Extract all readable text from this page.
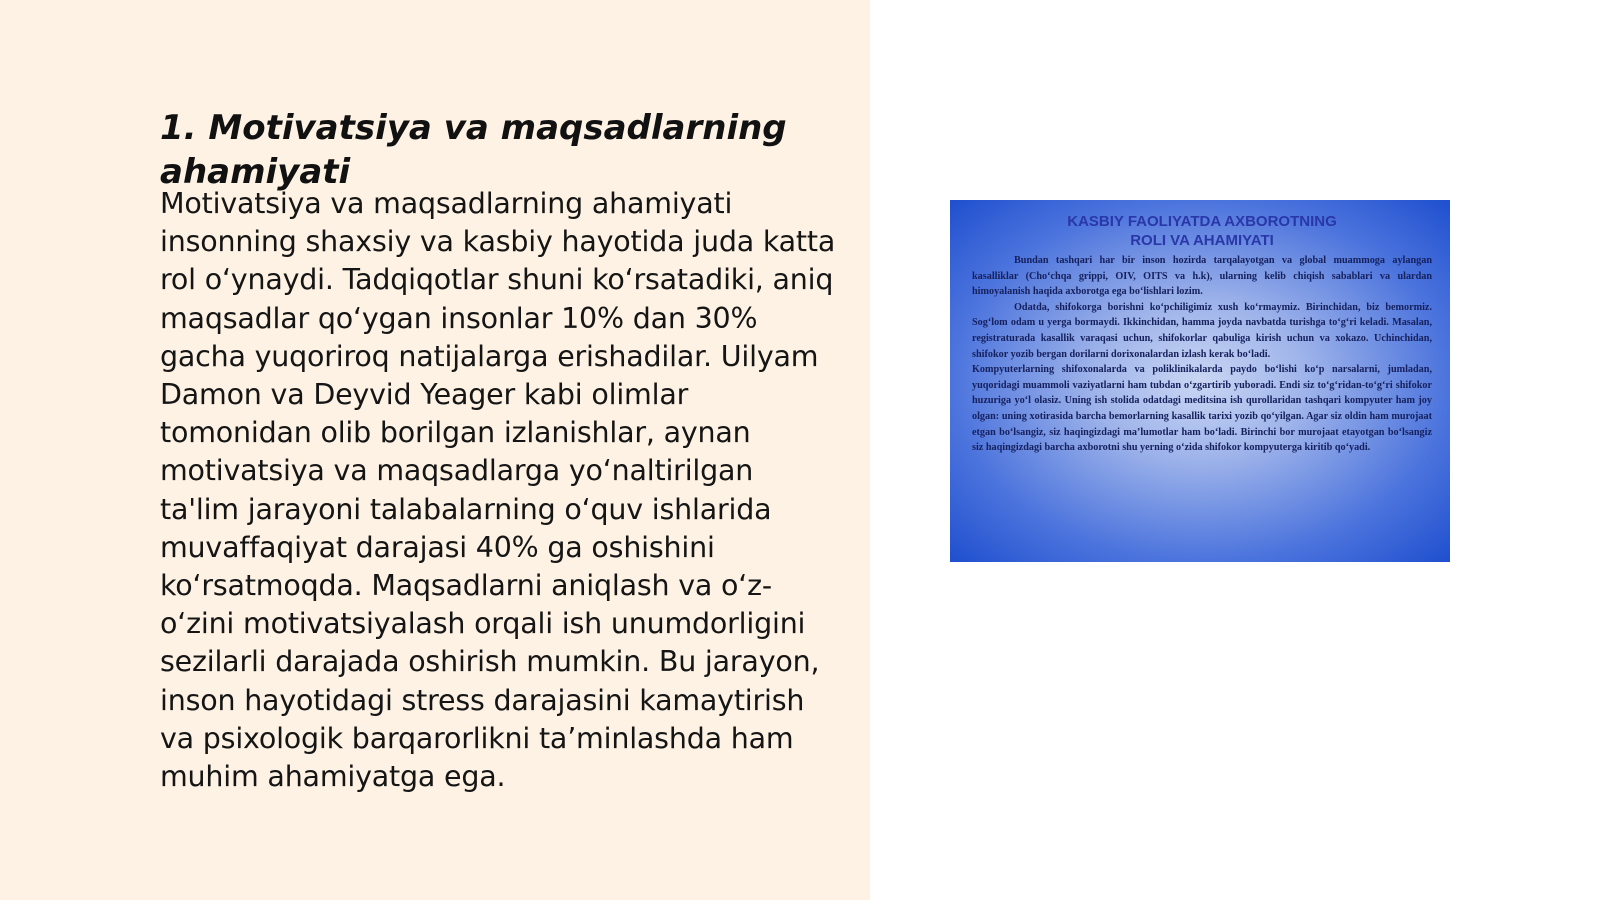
1. Motivatsiya va maqsadlarning ahamiyati

Motivatsiya va maqsadlarning ahamiyati insonning shaxsiy va kasbiy hayotida juda katta rol o‘ynaydi. Tadqiqotlar shuni ko‘rsatadiki, aniq maqsadlar qo‘ygan insonlar 10% dan 30% gacha yuqoriroq natijalarga erishadilar. Uilyam Damon va Deyvid Yeager kabi olimlar tomonidan olib borilgan izlanishlar, aynan motivatsiya va maqsadlarga yo‘naltirilgan ta'lim jarayoni talabalarning o‘quv ishlarida muvaffaqiyat darajasi 40% ga oshishini ko‘rsatmoqda. Maqsadlarni aniqlash va o‘z-o‘zini motivatsiyalash orqali ish unumdorligini sezilarli darajada oshirish mumkin. Bu jarayon, inson hayotidagi stress darajasini kamaytirish va psixologik barqarorlikni ta’minlashda ham muhim ahamiyatga ega.

KASBIY FAOLIYATDA AXBOROTNING
ROLI VA AHAMIYATI

Bundan tashqari har bir inson hozirda tarqalayotgan va global muammoga aylangan kasalliklar (Cho‘chqa grippi, OIV, OITS va h.k), ularning kelib chiqish sabablari va ulardan himoyalanish haqida axborotga ega bo‘lishlari lozim.

Odatda, shifokorga borishni ko‘pchiligimiz xush ko‘rmaymiz. Birinchidan, biz bemormiz. Sog‘lom odam u yerga bormaydi. Ikkinchidan, hamma joyda navbatda turishga to‘g‘ri keladi. Masalan, registraturada kasallik varaqasi uchun, shifokorlar qabuliga kirish uchun va xokazo. Uchinchidan, shifokor yozib bergan dorilarni dorixonalardan izlash kerak bo‘ladi.

Kompyuterlarning shifoxonalarda va poliklinikalarda paydo bo‘lishi ko‘p narsalarni, jumladan, yuqoridagi muammoli vaziyatlarni ham tubdan o‘zgartirib yuboradi. Endi siz to‘g‘ridan-to‘g‘ri shifokor huzuriga yo‘l olasiz. Uning ish stolida odatdagi meditsina ish qurollaridan tashqari kompyuter ham joy olgan: uning xotirasida barcha bemorlarning kasallik tarixi yozib qo‘yilgan. Agar siz oldin ham murojaat etgan bo‘lsangiz, siz haqingizdagi ma’lumotlar ham bo‘ladi. Birinchi bor murojaat etayotgan bo‘lsangiz siz haqingizdagi barcha axborotni shu yerning o‘zida shifokor kompyuterga kiritib qo‘yadi.
